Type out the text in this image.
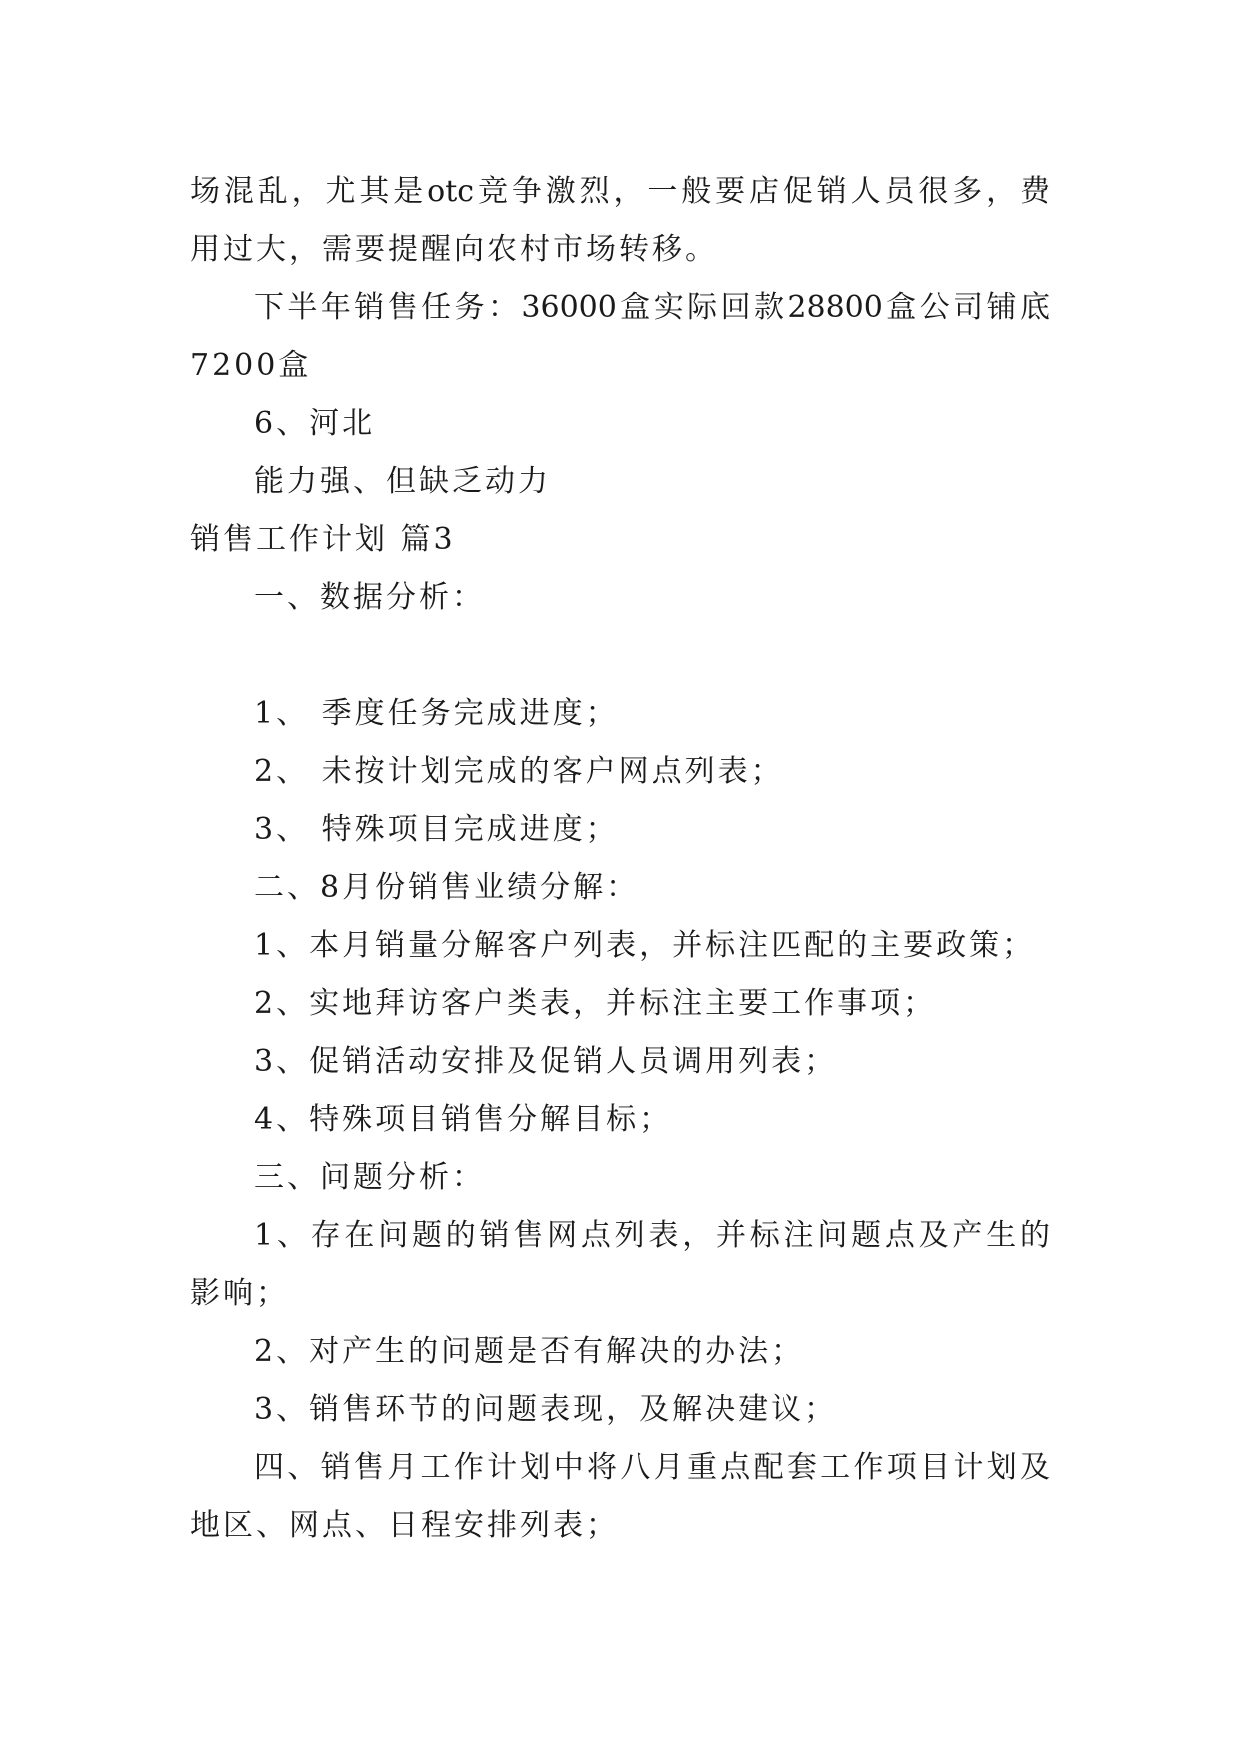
场混乱，尤其是otc竞争激烈，一般要店促销人员很多，费
用过大，需要提醒向农村市场转移。
下半年销售任务：36000盒实际回款28800盒公司铺底
7200盒
6、河北
能力强、但缺乏动力
销售工作计划 篇3
一、数据分析：
1、 季度任务完成进度；
2、 未按计划完成的客户网点列表；
3、 特殊项目完成进度；
二、8月份销售业绩分解：
1、本月销量分解客户列表，并标注匹配的主要政策；
2、实地拜访客户类表，并标注主要工作事项；
3、促销活动安排及促销人员调用列表；
4、特殊项目销售分解目标；
三、问题分析：
1、存在问题的销售网点列表，并标注问题点及产生的
影响；
2、对产生的问题是否有解决的办法；
3、销售环节的问题表现，及解决建议；
四、销售月工作计划中将八月重点配套工作项目计划及
地区、网点、日程安排列表；
